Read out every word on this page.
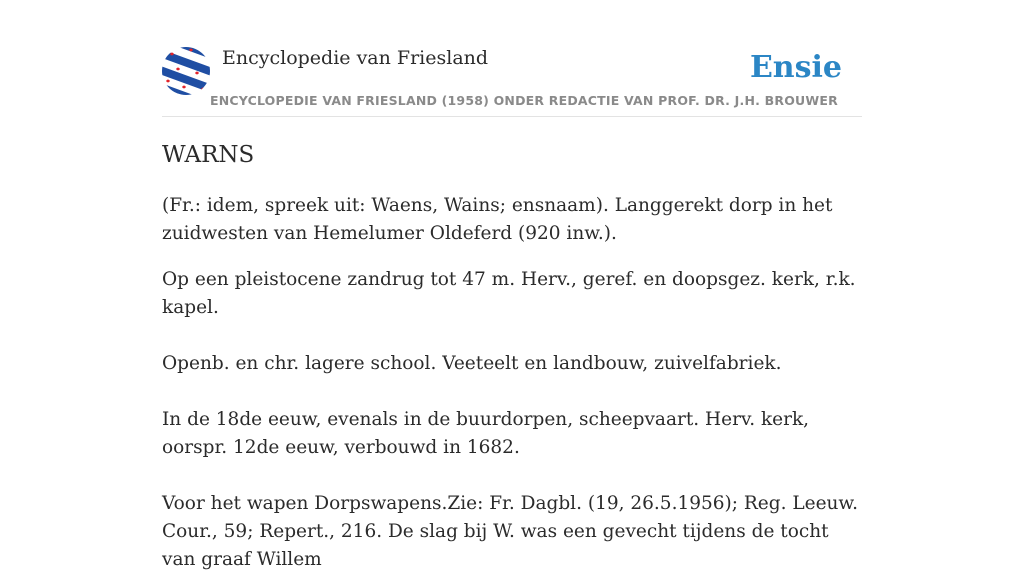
Encyclopedie van Friesland	Ensie
ENCYCLOPEDIE VAN FRIESLAND (1958) ONDER REDACTIE VAN PROF. DR. J.H. BROUWER
WARNS

(Fr.: idem, spreek uit: Waens, Wains; ensnaam). Langgerekt dorp in het zuidwesten van Hemelumer Oldeferd (920 inw.).

Op een pleistocene zandrug tot 47 m. Herv., geref. en doopsgez. kerk, r.k. kapel.

Openb. en chr. lagere school. Veeteelt en landbouw, zuivelfabriek.

In de 18de eeuw, evenals in de buurdorpen, scheepvaart. Herv. kerk, oorspr. 12de eeuw, verbouwd in 1682.

Voor het wapen Dorpswapens.Zie: Fr. Dagbl. (19, 26.5.1956); Reg. Leeuw. Cour., 59; Repert., 216. De slag bij W. was een gevecht tijdens de tocht van graaf Willem
